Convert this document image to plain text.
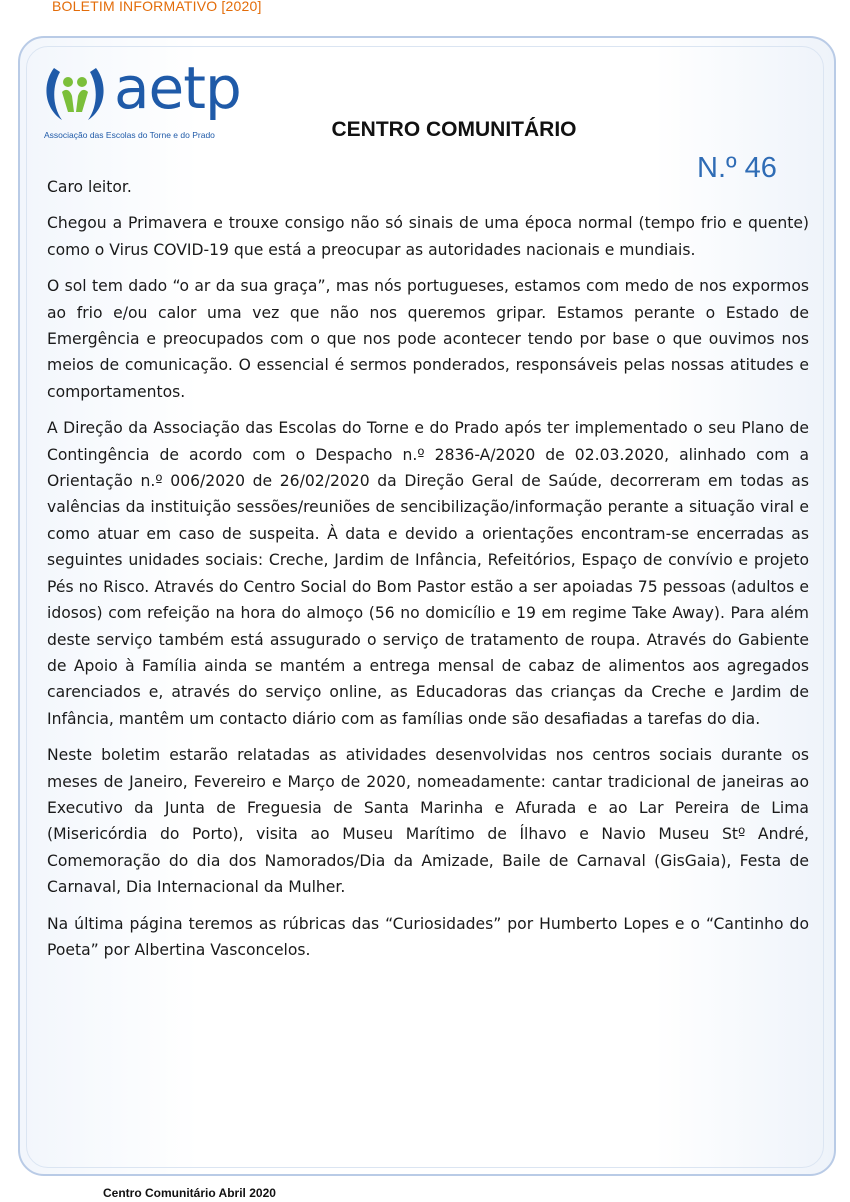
BOLETIM INFORMATIVO [2020]
aetp
Associação das Escolas do Torne e do Prado	CENTRO COMUNITÁRIO
N.º 46

Caro leitor.

Chegou a Primavera e trouxe consigo não só sinais de uma época normal (tempo frio e quente) como o Virus COVID-19 que está a preocupar as autoridades nacionais e mundiais.

O sol tem dado “o ar da sua graça”, mas nós portugueses, estamos com medo de nos expormos ao frio e/ou calor uma vez que não nos queremos gripar. Estamos perante o Estado de Emergência e preocupados com o que nos pode acontecer tendo por base o que ouvimos nos meios de comunicação. O essencial é sermos ponderados, responsáveis pelas nossas atitudes e comportamentos.

A Direção da Associação das Escolas do Torne e do Prado após ter implementado o seu Plano de Contingência de acordo com o Despacho n.º 2836-A/2020 de 02.03.2020, alinhado com a Orientação n.º 006/2020 de 26/02/2020 da Direção Geral de Saúde, decorreram em todas as valências da instituição sessões/reuniões de sencibilização/informação perante a situação viral e como atuar em caso de suspeita. À data e devido a orientações encontram-se encerradas as seguintes unidades sociais: Creche, Jardim de Infância, Refeitórios, Espaço de convívio e projeto Pés no Risco. Através do Centro Social do Bom Pastor estão a ser apoiadas 75 pessoas (adultos e idosos) com refeição na hora do almoço (56 no domicílio e 19 em regime Take Away). Para além deste serviço também está assugurado o serviço de tratamento de roupa. Através do Gabiente de Apoio à Família ainda se mantém a entrega mensal de cabaz de alimentos aos agregados carenciados e, através do serviço online, as Educadoras das crianças da Creche e Jardim de Infância, mantêm um contacto diário com as famílias onde são desafiadas a tarefas do dia.

Neste boletim estarão relatadas as atividades desenvolvidas nos centros sociais durante os meses de Janeiro, Fevereiro e Março de 2020, nomeadamente: cantar tradicional de janeiras ao Executivo da Junta de Freguesia de Santa Marinha e Afurada e ao Lar Pereira de Lima (Misericórdia do Porto), visita ao Museu Marítimo de Ílhavo e Navio Museu Stº André, Comemoração do dia dos Namorados/Dia da Amizade, Baile de Carnaval (GisGaia), Festa de Carnaval, Dia Internacional da Mulher.

Na última página teremos as rúbricas das “Curiosidades” por Humberto Lopes e o “Cantinho do Poeta” por Albertina Vasconcelos.

Centro Comunitário Abril 2020
